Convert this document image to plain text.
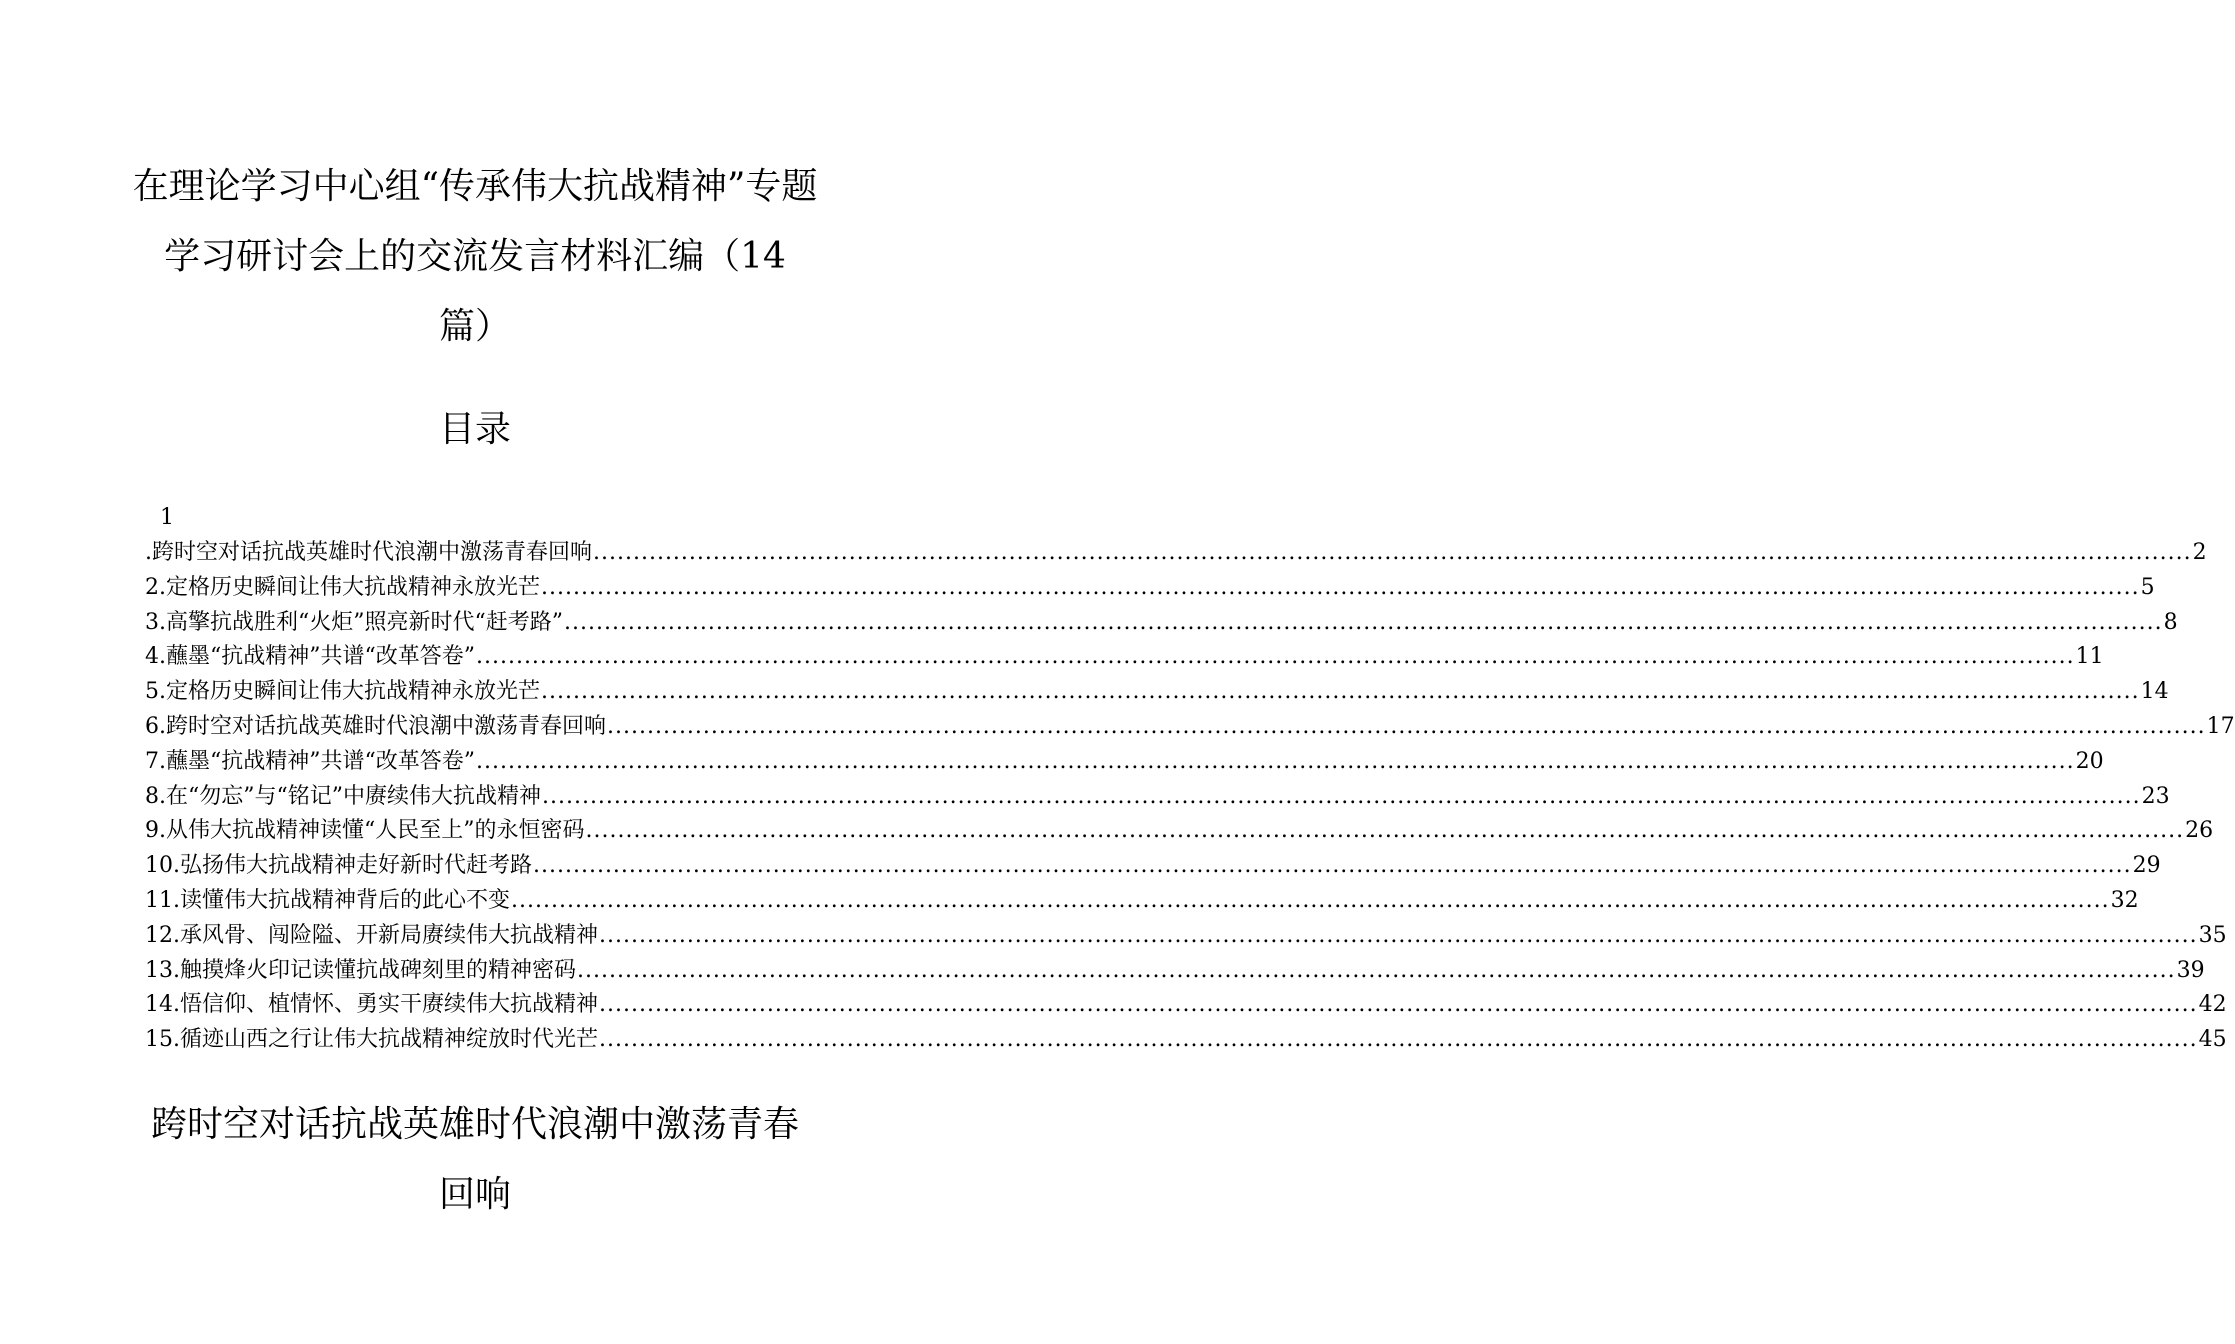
在理论学习中心组“传承伟大抗战精神”专题
学习研讨会上的交流发言材料汇编（14
篇）
目录
1
.跨时空对话抗战英雄时代浪潮中激荡青春回响 ........................................................................................................................................................................................................ 2
2.定格历史瞬间让伟大抗战精神永放光芒 ........................................................................................................................................................................................................ 5
3.高擎抗战胜利“火炬”照亮新时代“赶考路” ........................................................................................................................................................................................................ 8
4.蘸墨“抗战精神”共谱“改革答卷” ........................................................................................................................................................................................................ 11
5.定格历史瞬间让伟大抗战精神永放光芒 ........................................................................................................................................................................................................ 14
6.跨时空对话抗战英雄时代浪潮中激荡青春回响 ........................................................................................................................................................................................................ 17
7.蘸墨“抗战精神”共谱“改革答卷” ........................................................................................................................................................................................................ 20
8.在“勿忘”与“铭记”中赓续伟大抗战精神 ........................................................................................................................................................................................................ 23
9.从伟大抗战精神读懂“人民至上”的永恒密码 ........................................................................................................................................................................................................ 26
10.弘扬伟大抗战精神走好新时代赶考路 ........................................................................................................................................................................................................ 29
11.读懂伟大抗战精神背后的此心不变 ........................................................................................................................................................................................................ 32
12.承风骨、闯险隘、开新局赓续伟大抗战精神 ........................................................................................................................................................................................................ 35
13.触摸烽火印记读懂抗战碑刻里的精神密码 ........................................................................................................................................................................................................ 39
14.悟信仰、植情怀、勇实干赓续伟大抗战精神 ........................................................................................................................................................................................................ 42
15.循迹山西之行让伟大抗战精神绽放时代光芒 ........................................................................................................................................................................................................ 45
跨时空对话抗战英雄时代浪潮中激荡青春
回响
